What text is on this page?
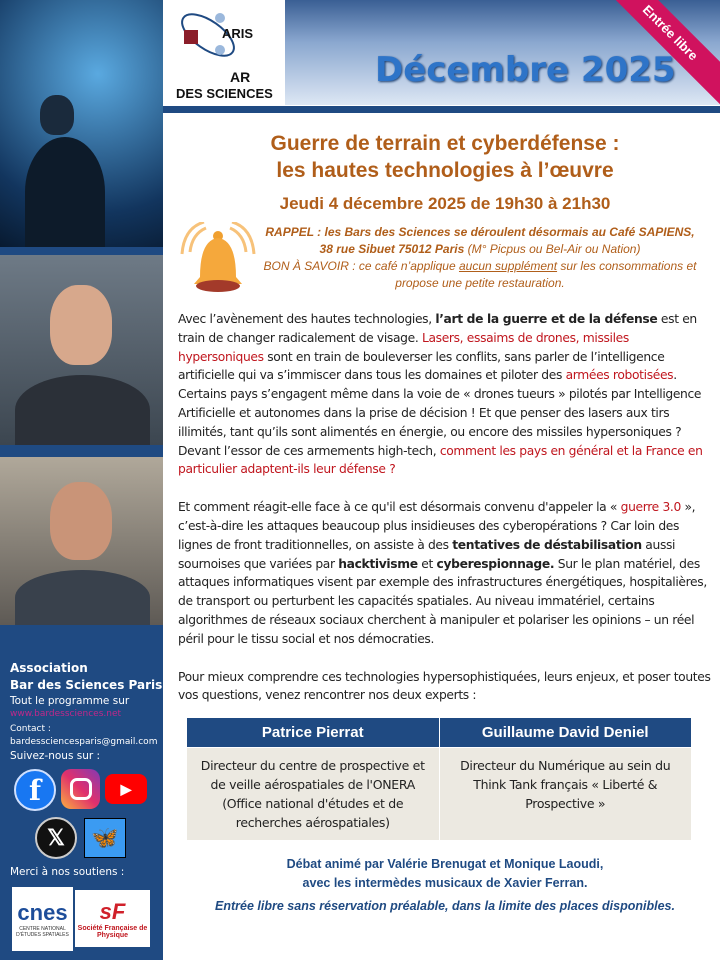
Association
Bar des Sciences Paris
Tout le programme sur
www.bardessciences.net
Contact :
bardessciencesparis@gmail.com
Suivez-nous sur :
f	▶
𝕏	🦋
Merci à nos soutiens :
cnes
CENTRE NATIONAL D'ÉTUDES SPATIALES
sF
Société Française de Physique
ARIS
AR
DES SCIENCES
Décembre 2025
Entrée libre
Guerre de terrain et cyberdéfense :
les hautes technologies à l’œuvre
Jeudi 4 décembre 2025 de 19h30 à 21h30
RAPPEL : les Bars des Sciences se déroulent désormais au Café SAPIENS, 38 rue Sibuet 75012 Paris (M° Picpus ou Bel-Air ou Nation)
BON À SAVOIR : ce café n’applique aucun supplément sur les consommations et propose une petite restauration.

Avec l’avènement des hautes technologies, l’art de la guerre et de la défense est en train de changer radicalement de visage. Lasers, essaims de drones, missiles hypersoniques sont en train de bouleverser les conflits, sans parler de l’intelligence artificielle qui va s’immiscer dans tous les domaines et piloter des armées robotisées. Certains pays s’engagent même dans la voie de « drones tueurs » pilotés par Intelligence Artificielle et autonomes dans la prise de décision ! Et que penser des lasers aux tirs illimités, tant qu’ils sont alimentés en énergie, ou encore des missiles hypersoniques ? Devant l’essor de ces armements high-tech, comment les pays en général et la France en particulier adaptent-ils leur défense ?

Et comment réagit-elle face à ce qu'il est désormais convenu d'appeler la « guerre 3.0 », c’est-à-dire les attaques beaucoup plus insidieuses des cyberopérations ? Car loin des lignes de front traditionnelles, on assiste à des tentatives de déstabilisation aussi sournoises que variées par hacktivisme et cyberespionnage. Sur le plan matériel, des attaques informatiques visent par exemple des infrastructures énergétiques, hospitalières, de transport ou perturbent les capacités spatiales. Au niveau immatériel, certains algorithmes de réseaux sociaux cherchent à manipuler et polariser les opinions – un réel péril pour le tissu social et nos démocraties.

Pour mieux comprendre ces technologies hypersophistiquées, leurs enjeux, et poser toutes vos questions, venez rencontrer nos deux experts :

Patrice Pierrat	Guillaume David Deniel
Directeur du centre de prospective et de veille aérospatiales de l'ONERA (Office national d'études et de recherches aérospatiales)	Directeur du Numérique au sein du Think Tank français « Liberté & Prospective »
Débat animé par Valérie Brenugat et Monique Laoudi,
avec les intermèdes musicaux de Xavier Ferran.
Entrée libre sans réservation préalable, dans la limite des places disponibles.
